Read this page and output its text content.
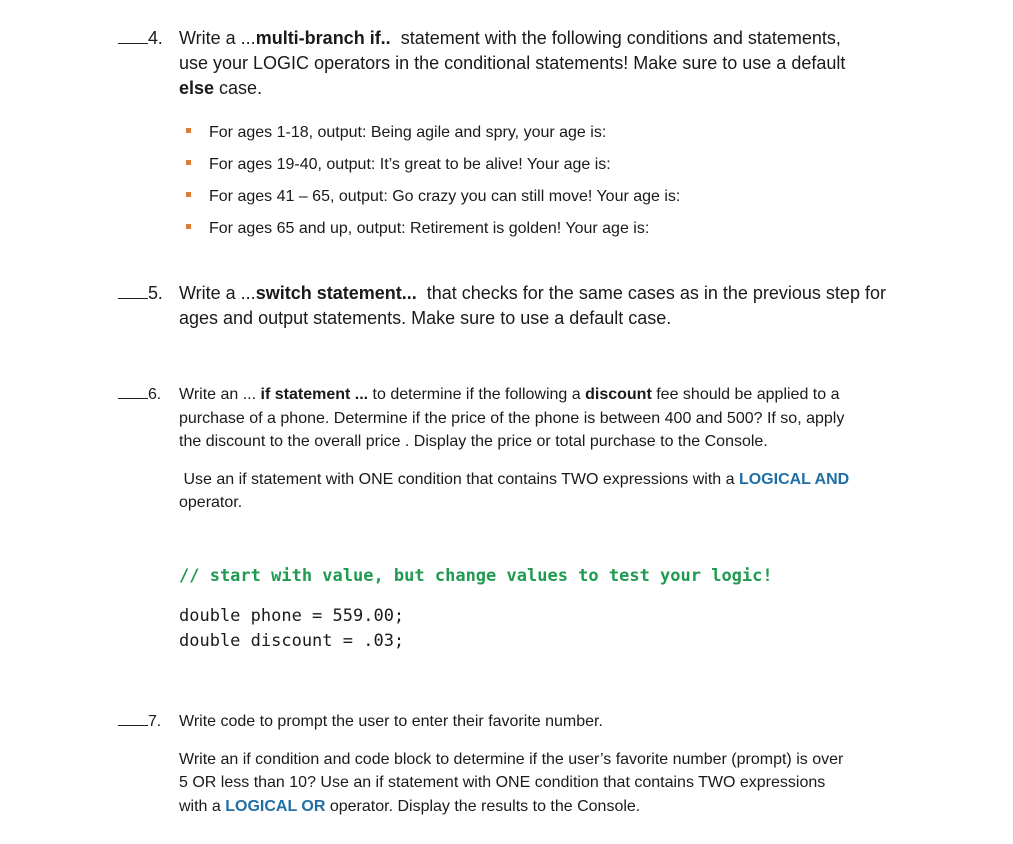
4. Write a ...multi-branch if..  statement with the following conditions and statements,

use your LOGIC operators in the conditional statements! Make sure to use a default

else case.

For ages 1-18, output: Being agile and spry, your age is:
For ages 19-40, output: It’s great to be alive! Your age is:
For ages 41 – 65, output: Go crazy you can still move! Your age is:
For ages 65 and up, output: Retirement is golden! Your age is:
5. Write a ...switch statement...  that checks for the same cases as in the previous step for

ages and output statements. Make sure to use a default case.

6.	Write an ... if statement ... to determine if the following a discount fee should be applied to a

purchase of a phone. Determine if the price of the phone is between 400 and 500? If so, apply

the discount to the overall price . Display the price or total purchase to the Console.

Use an if statement with ONE condition that contains TWO expressions with a LOGICAL AND

operator.

// start with value, but change values to test your logic!
double phone = 559.00;
double discount = .03;
7.	Write code to prompt the user to enter their favorite number.

Write an if condition and code block to determine if the user’s favorite number (prompt) is over

5 OR less than 10? Use an if statement with ONE condition that contains TWO expressions

with a LOGICAL OR operator. Display the results to the Console.
